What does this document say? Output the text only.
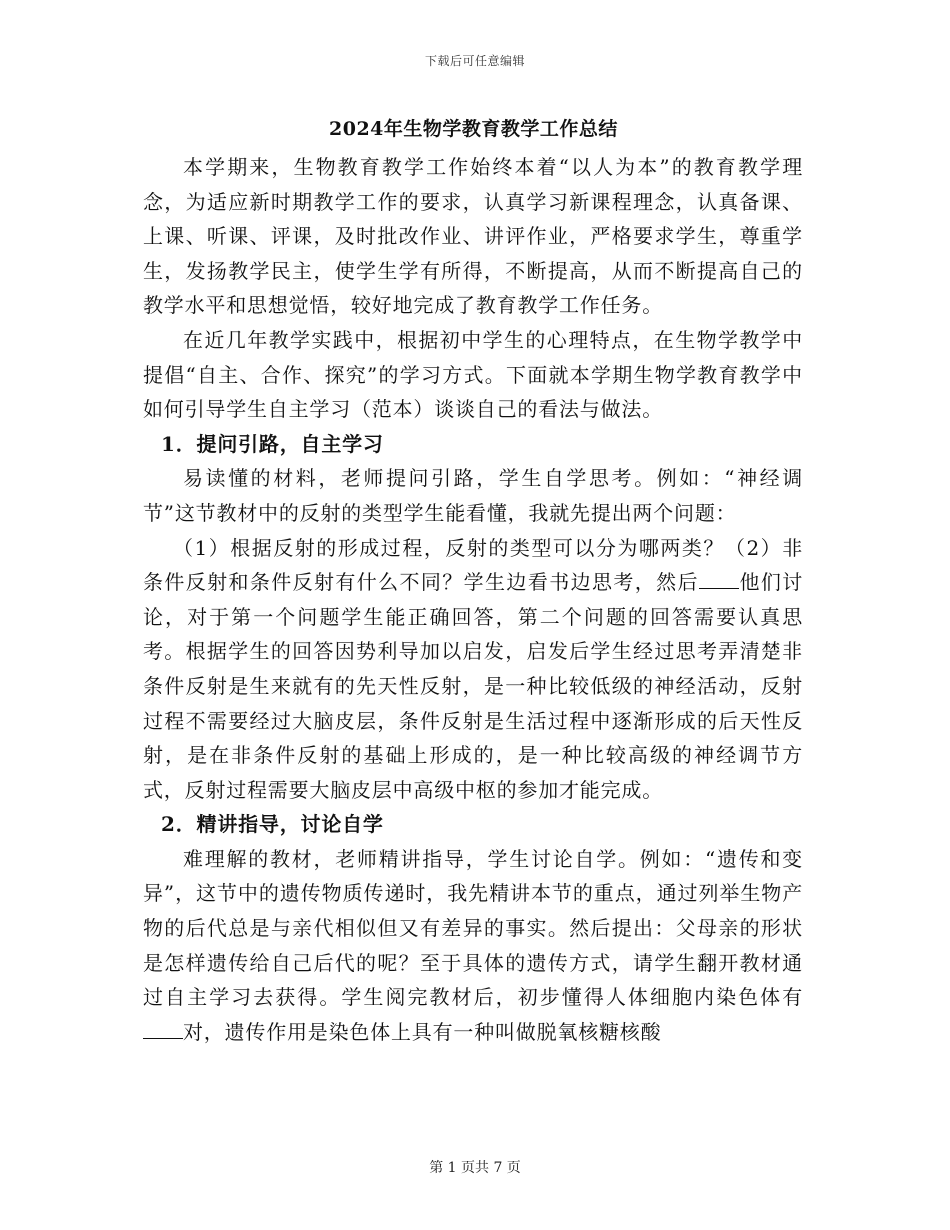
下载后可任意编辑
2024年生物学教育教学工作总结

本学期来，生物教育教学工作始终本着“以人为本”的教育教学理念，为适应新时期教学工作的要求，认真学习新课程理念，认真备课、上课、听课、评课，及时批改作业、讲评作业，严格要求学生，尊重学生，发扬教学民主，使学生学有所得，不断提高，从而不断提高自己的教学水平和思想觉悟，较好地完成了教育教学工作任务。

在近几年教学实践中，根据初中学生的心理特点，在生物学教学中提倡“自主、合作、探究”的学习方式。下面就本学期生物学教育教学中如何引导学生自主学习（范本）谈谈自己的看法与做法。

1．提问引路，自主学习

易读懂的材料，老师提问引路，学生自学思考。例如：“神经调节”这节教材中的反射的类型学生能看懂，我就先提出两个问题：

（1）根据反射的形成过程，反射的类型可以分为哪两类？（2）非条件反射和条件反射有什么不同？学生边看书边思考，然后 他们讨论，对于第一个问题学生能正确回答，第二个问题的回答需要认真思考。根据学生的回答因势利导加以启发，启发后学生经过思考弄清楚非条件反射是生来就有的先天性反射，是一种比较低级的神经活动，反射过程不需要经过大脑皮层，条件反射是生活过程中逐渐形成的后天性反射，是在非条件反射的基础上形成的，是一种比较高级的神经调节方式，反射过程需要大脑皮层中高级中枢的参加才能完成。

2．精讲指导，讨论自学

难理解的教材，老师精讲指导，学生讨论自学。例如：“遗传和变异”，这节中的遗传物质传递时，我先精讲本节的重点，通过列举生物产物的后代总是与亲代相似但又有差异的事实。然后提出：父母亲的形状是怎样遗传给自己后代的呢？至于具体的遗传方式，请学生翻开教材通过自主学习去获得。学生阅完教材后，初步懂得人体细胞内染色体有对，遗传作用是染色体上具有一种叫做脱氧核糖核酸

第 1 页共 7 页
